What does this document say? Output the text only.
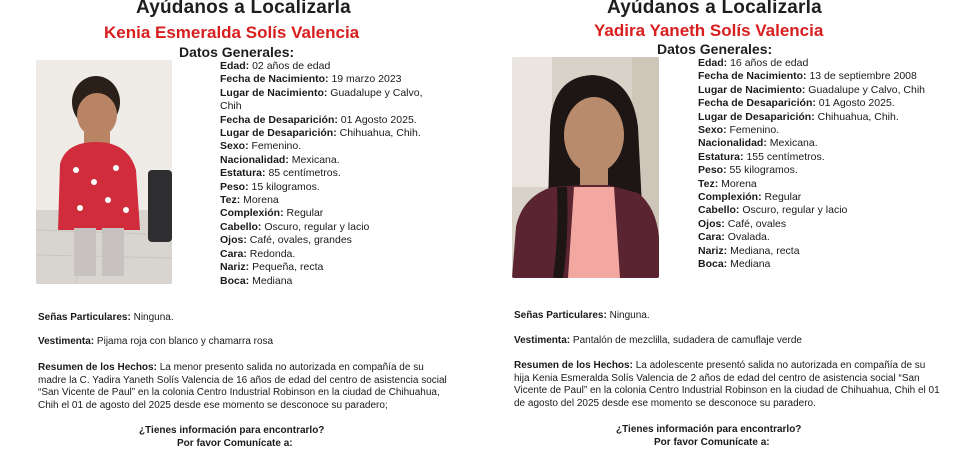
Ayúdanos a Localizarla
Kenia Esmeralda Solís Valencia
Datos Generales:
Edad: 02 años de edad
Fecha de Nacimiento: 19 marzo 2023
Lugar de Nacimiento: Guadalupe y Calvo, Chih
Fecha de Desaparición: 01 Agosto 2025.
Lugar de Desaparición: Chihuahua, Chih.
Sexo: Femenino.
Nacionalidad: Mexicana.
Estatura: 85 centímetros.
Peso: 15 kilogramos.
Tez: Morena
Complexión: Regular
Cabello: Oscuro, regular y lacio
Ojos: Café, ovales, grandes
Cara: Redonda.
Nariz: Pequeña, recta
Boca: Mediana
Señas Particulares: Ninguna.
Vestimenta: Pijama roja con blanco y chamarra rosa
Resumen de los Hechos: La menor presento salida no autorizada en compañía de su madre la C. Yadira Yaneth Solís Valencia de 16 años de edad del centro de asistencia social “San Vicente de Paul” en la colonia Centro Industrial Robinson en la ciudad de Chihuahua, Chih el 01 de agosto del 2025 desde ese momento se desconoce su paradero;
¿Tienes información para encontrarlo?
Por favor Comunícate a:
Ayúdanos a Localizarla
Yadira Yaneth Solís Valencia
Datos Generales:
Edad: 16 años de edad
Fecha de Nacimiento: 13 de septiembre 2008
Lugar de Nacimiento: Guadalupe y Calvo, Chih
Fecha de Desaparición: 01 Agosto 2025.
Lugar de Desaparición: Chihuahua, Chih.
Sexo: Femenino.
Nacionalidad: Mexicana.
Estatura: 155 centímetros.
Peso: 55 kilogramos.
Tez: Morena
Complexión: Regular
Cabello: Oscuro, regular y lacio
Ojos: Café, ovales
Cara: Ovalada.
Nariz: Mediana, recta
Boca: Mediana
Señas Particulares: Ninguna.
Vestimenta: Pantalón de mezclilla, sudadera de camuflaje verde
Resumen de los Hechos: La adolescente presentó salida no autorizada en compañía de su hija Kenia Esmeralda Solís Valencia de 2 años de edad del centro de asistencia social “San Vicente de Paul” en la colonia Centro Industrial Robinson en la ciudad de Chihuahua, Chih el 01 de agosto del 2025 desde ese momento se desconoce su paradero.
¿Tienes información para encontrarlo?
Por favor Comunícate a:
